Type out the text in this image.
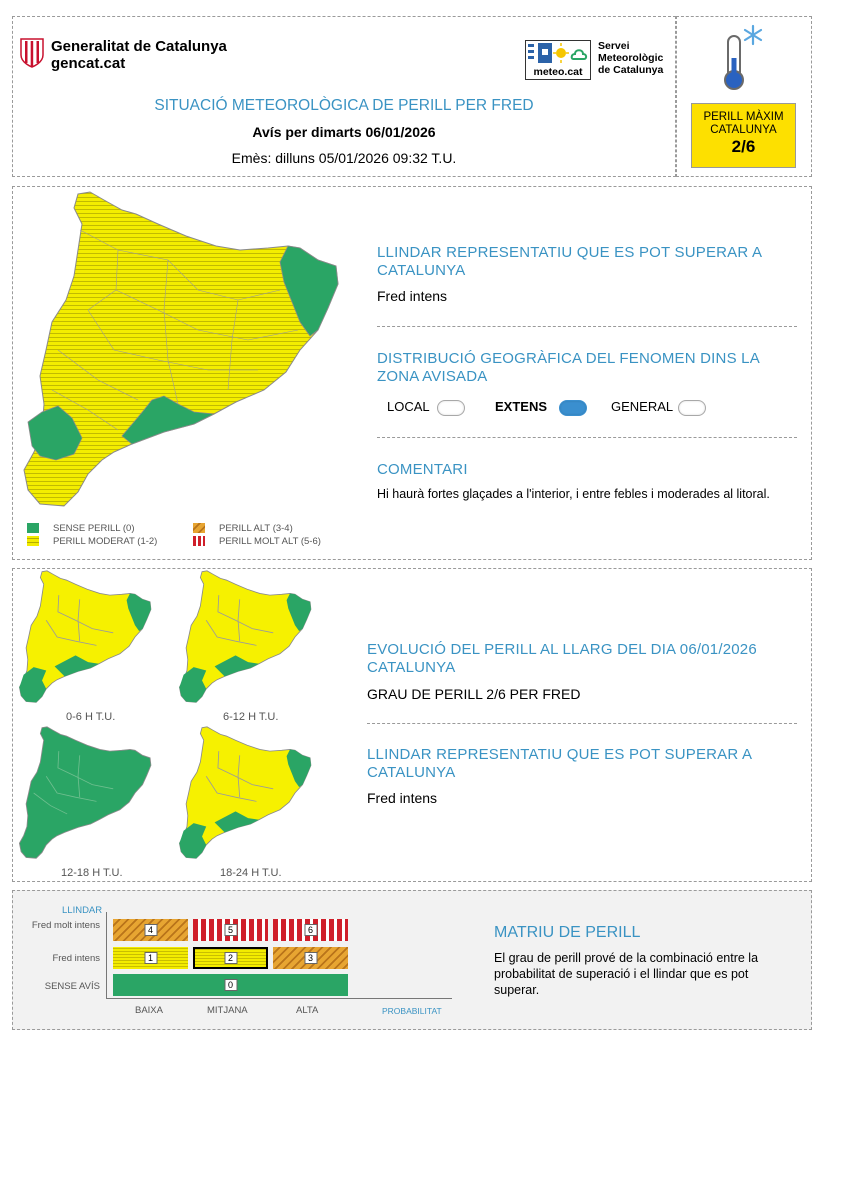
Generalitat de Catalunya
gencat.cat	meteo.cat
Servei
Meteorològic
de Catalunya
SITUACIÓ METEOROLÒGICA DE PERILL PER FRED
Avís per dimarts 06/01/2026
Emès: dilluns 05/01/2026 09:32 T.U.
PERILL MÀXIM
CATALUNYA
2/6
SENSE PERILL (0)
PERILL MODERAT (1-2)
PERILL ALT (3-4)
PERILL MOLT ALT (5-6)
LLINDAR REPRESENTATIU QUE ES POT SUPERAR A CATALUNYA
Fred intens
DISTRIBUCIÓ GEOGRÀFICA DEL FENOMEN DINS LA ZONA AVISADA
LOCAL	EXTENS	GENERAL
COMENTARI
Hi haurà fortes glaçades a l'interior, i entre febles i moderades al litoral.
0-6 H T.U.	6-12 H T.U.
12-18 H T.U.	18-24 H T.U.
EVOLUCIÓ DEL PERILL AL LLARG DEL DIA 06/01/2026 CATALUNYA
GRAU DE PERILL 2/6 PER FRED
LLINDAR REPRESENTATIU QUE ES POT SUPERAR A CATALUNYA
Fred intens
LLINDAR
Fred molt intens
Fred intens
SENSE AVÍS
4	5	6
1	2	3
0
BAIXA	MITJANA	ALTA	PROBABILITAT
MATRIU DE PERILL
El grau de perill prové de la combinació entre la probabilitat de superació i el llindar que es pot superar.
